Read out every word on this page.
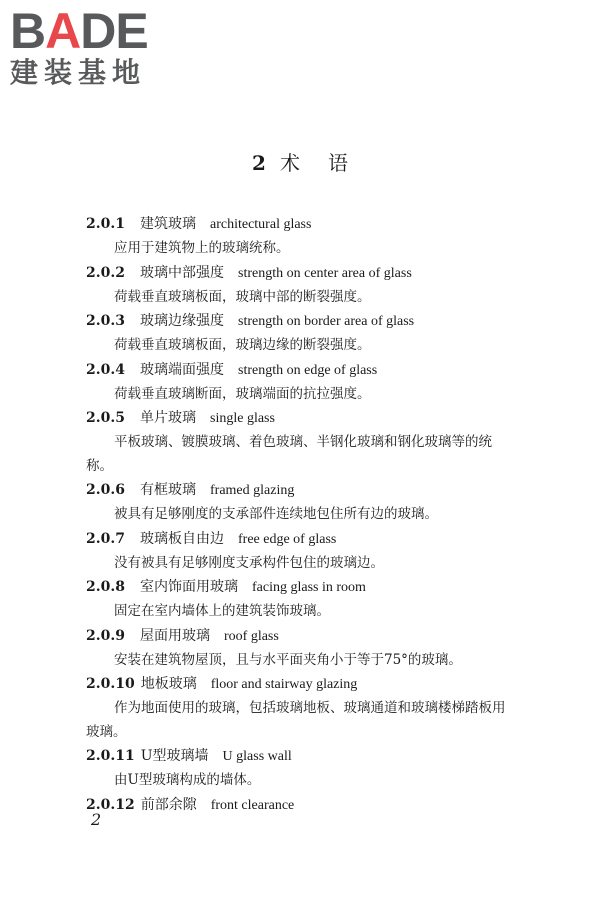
BADE
建装基地
2 术语
2.0.1 建筑玻璃 architectural glass

应用于建筑物上的玻璃统称。

2.0.2 玻璃中部强度 strength on center area of glass

荷载垂直玻璃板面，玻璃中部的断裂强度。

2.0.3 玻璃边缘强度 strength on border area of glass

荷载垂直玻璃板面，玻璃边缘的断裂强度。

2.0.4 玻璃端面强度 strength on edge of glass

荷载垂直玻璃断面，玻璃端面的抗拉强度。

2.0.5 单片玻璃 single glass

平板玻璃、镀膜玻璃、着色玻璃、半钢化玻璃和钢化玻璃等的统称。

2.0.6 有框玻璃 framed glazing

被具有足够刚度的支承部件连续地包住所有边的玻璃。

2.0.7 玻璃板自由边 free edge of glass

没有被具有足够刚度支承构件包住的玻璃边。

2.0.8 室内饰面用玻璃 facing glass in room

固定在室内墙体上的建筑装饰玻璃。

2.0.9 屋面用玻璃 roof glass

安装在建筑物屋顶，且与水平面夹角小于等于75°的玻璃。

2.0.10 地板玻璃 floor and stairway glazing

作为地面使用的玻璃，包括玻璃地板、玻璃通道和玻璃楼梯踏板用玻璃。

2.0.11 U型玻璃墙 U glass wall

由U型玻璃构成的墙体。

2.0.12 前部余隙 front clearance
2
